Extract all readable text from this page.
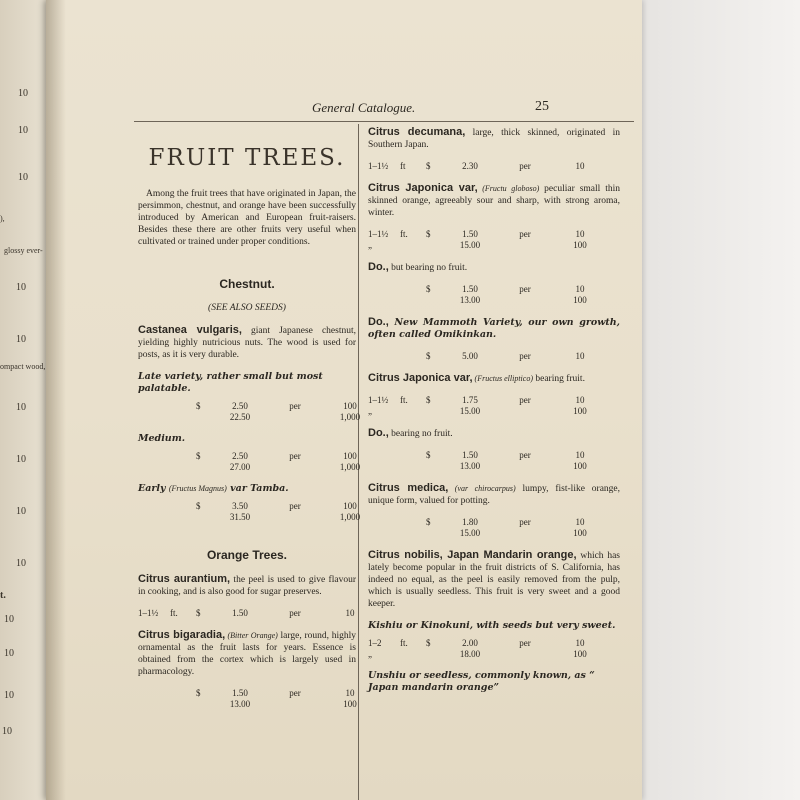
10
10
10
),
glossy ever-
10
10
ompact wood,
10
10
10
10
t.
10
10
10
10
General Catalogue.	25
FRUIT TREES.

Among the fruit trees that have originated in Japan, the persimmon, chestnut, and orange have been successfully introduced by American and European fruit-raisers. Besides these there are other fruits very useful when cultivated or trained under proper conditions.

Chestnut.
(SEE ALSO SEEDS)

Castanea vulgaris, giant Japanese chestnut, yielding highly nutricious nuts. The wood is used for posts, as it is very durable.

Late variety, rather small but most palatable.
$	2.50	per	100
22.50	1,000
Medium.
$	2.50	per	100
27.00	1,000
Early (Fructus Magnus) var Tamba.
$	3.50	per	100
31.50	1,000
Orange Trees.

Citrus aurantium, the peel is used to give flavour in cooking, and is also good for sugar preserves.

1–1½	ft.	$	1.50	per	10

Citrus bigaradia, (Bitter Orange) large, round, highly ornamental as the fruit lasts for years. Essence is obtained from the cortex which is largely used in pharmacology.

$	1.50	per	10
13.00	100

Citrus decumana, large, thick skinned, originated in Southern Japan.

1–1½	ft	$	2.30	per	10

Citrus Japonica var, (Fructu globoso) peculiar small thin skinned orange, agreeably sour and sharp, with strong aroma, winter.

1–1½	ft.	$	1.50	per	10
„	15.00	100

Do., but bearing no fruit.

$	1.50	per	10
13.00	100

Do., New Mammoth Variety, our own growth, often called Omikinkan.

$	5.00	per	10

Citrus Japonica var, (Fructus elliptico) bearing fruit.

1–1½	ft.	$	1.75	per	10
„	15.00	100

Do., bearing no fruit.

$	1.50	per	10
13.00	100

Citrus medica, (var chirocarpus) lumpy, fist-like orange, unique form, valued for potting.

$	1.80	per	10
15.00	100

Citrus nobilis, Japan Mandarin orange, which has lately become popular in the fruit districts of S. California, has indeed no equal, as the peel is easily removed from the pulp, which is usually seedless. This fruit is very sweet and a good keeper.

Kishiu or Kinokuni, with seeds but very sweet.
1–2	ft.	$	2.00	per	10
„	18.00	100
Unshiu or seedless, commonly known, as “ Japan mandarin orange”
